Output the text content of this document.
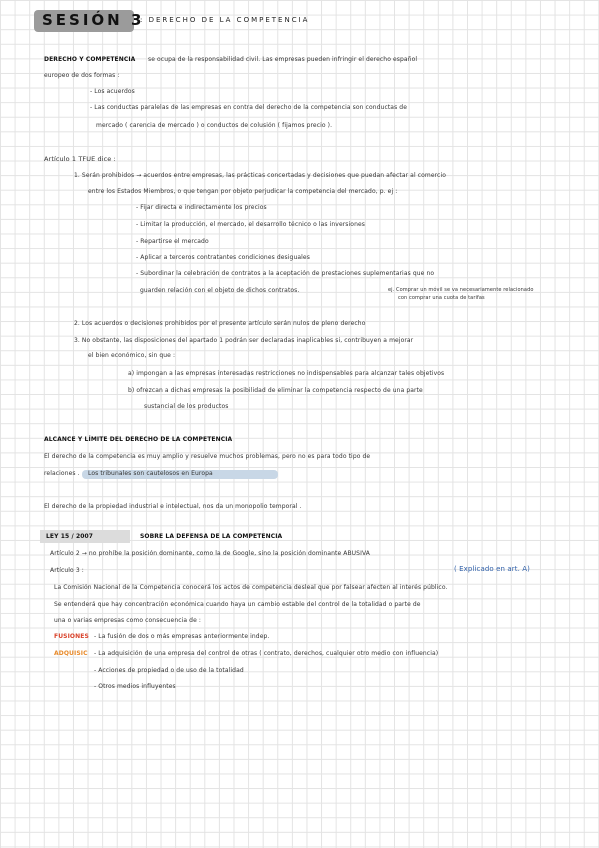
SESIÓN 3
: DERECHO DE LA COMPETENCIA
DERECHO Y COMPETENCIA se ocupa de la responsabilidad civil. Las empresas pueden infringir el derecho español
europeo de dos formas :
- Los acuerdos
- Las conductas paralelas de las empresas en contra del derecho de la competencia son conductas de
mercado ( carencia de mercado ) o conductos de colusión ( fijamos precio ).
Artículo 1 TFUE dice :
1. Serán prohibidos → acuerdos entre empresas, las prácticas concertadas y decisiones que puedan afectar al comercio
entre los Estados Miembros, o que tengan por objeto perjudicar la competencia del mercado, p. ej :
- Fijar directa e indirectamente los precios
- Limitar la producción, el mercado, el desarrollo técnico o las inversiones
- Repartirse el mercado
- Aplicar a terceros contratantes condiciones desiguales
- Subordinar la celebración de contratos a la aceptación de prestaciones suplementarias que no
guarden relación con el objeto de dichos contratos.	ej. Comprar un móvil se va necesariamente relacionado
con comprar una cuota de tarifas
2. Los acuerdos o decisiones prohibidos por el presente artículo serán nulos de pleno derecho
3. No obstante, las disposiciones del apartado 1 podrán ser declaradas inaplicables si, contribuyen a mejorar
el bien económico, sin que :
a) impongan a las empresas interesadas restricciones no indispensables para alcanzar tales objetivos
b) ofrezcan a dichas empresas la posibilidad de eliminar la competencia respecto de una parte
sustancial de los productos
ALCANCE Y LÍMITE DEL DERECHO DE LA COMPETENCIA
El derecho de la competencia es muy amplio y resuelve muchos problemas, pero no es para todo tipo de
relaciones . Los tribunales son cautelosos en Europa
El derecho de la propiedad industrial e intelectual, nos da un monopolio temporal .
LEY 15 / 2007	SOBRE LA DEFENSA DE LA COMPETENCIA
Artículo 2 → no prohíbe la posición dominante, como la de Google, sino la posición dominante ABUSIVA
Artículo 3 :	( Explicado en art. A)
La Comisión Nacional de la Competencia conocerá los actos de competencia desleal que por falsear afecten al interés público.
Se entenderá que hay concentración económica cuando haya un cambio estable del control de la totalidad o parte de
una o varias empresas como consecuencia de :
FUSIONES - La fusión de dos o más empresas anteriormente indep.
ADQUISIC - La adquisición de una empresa del control de otras ( contrato, derechos, cualquier otro medio con influencia)
- Acciones de propiedad o de uso de la totalidad
- Otros medios influyentes
